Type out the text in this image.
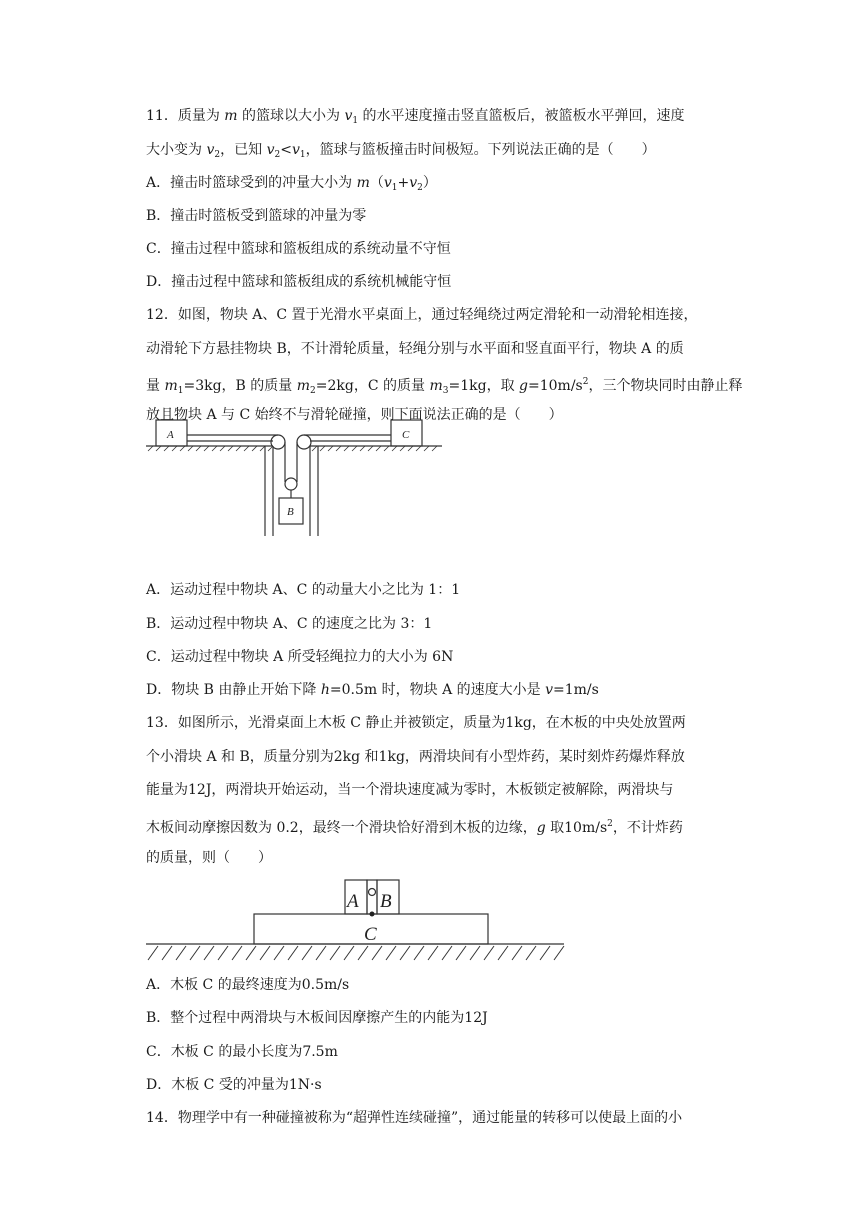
11．质量为 m 的篮球以大小为 $v_1$ 的水平速度撞击竖直篮板后，被篮板水平弹回，速度
大小变为 $v_2$，已知 $v_2<v_1$，篮球与篮板撞击时间极短。下列说法正确的是（　　）
A．撞击时篮球受到的冲量大小为 $m(v_1+v_2)$
B．撞击时篮板受到篮球的冲量为零
C．撞击过程中篮球和篮板组成的系统动量不守恒
D．撞击过程中篮球和篮板组成的系统机械能守恒
12．如图，物块 A、C 置于光滑水平桌面上，通过轻绳绕过两定滑轮和一动滑轮相连接，
动滑轮下方悬挂物块 B，不计滑轮质量，轻绳分别与水平面和竖直面平行，物块 A 的质
量 $m_1=3kg$，B 的质量 $m_2=2kg$，C 的质量 $m_3=1kg$，取 $g=10m/s^2$，三个物块同时由静止释
放且物块 A 与 C 始终不与滑轮碰撞，则下面说法正确的是（　　）
A	C
B
A．运动过程中物块 A、C 的动量大小之比为 1：1
B．运动过程中物块 A、C 的速度之比为 3：1
C．运动过程中物块 A 所受轻绳拉力的大小为 6N
D．物块 B 由静止开始下降 h=0.5m 时，物块 A 的速度大小是 v=1m/s
13．如图所示，光滑桌面上木板 C 静止并被锁定，质量为1kg，在木板的中央处放置两
个小滑块 A 和 B，质量分别为2kg 和1kg，两滑块间有小型炸药，某时刻炸药爆炸释放
能量为12J，两滑块开始运动，当一个滑块速度减为零时，木板锁定被解除，两滑块与
木板间动摩擦因数为 0.2，最终一个滑块恰好滑到木板的边缘，g 取$10m/s^2$，不计炸药
的质量，则（　　）
A B
C
A．木板 C 的最终速度为0.5m/s
B．整个过程中两滑块与木板间因摩擦产生的内能为12J
C．木板 C 的最小长度为7.5m
D．木板 C 受的冲量为1N·s
14．物理学中有一种碰撞被称为“超弹性连续碰撞”，通过能量的转移可以使最上面的小
